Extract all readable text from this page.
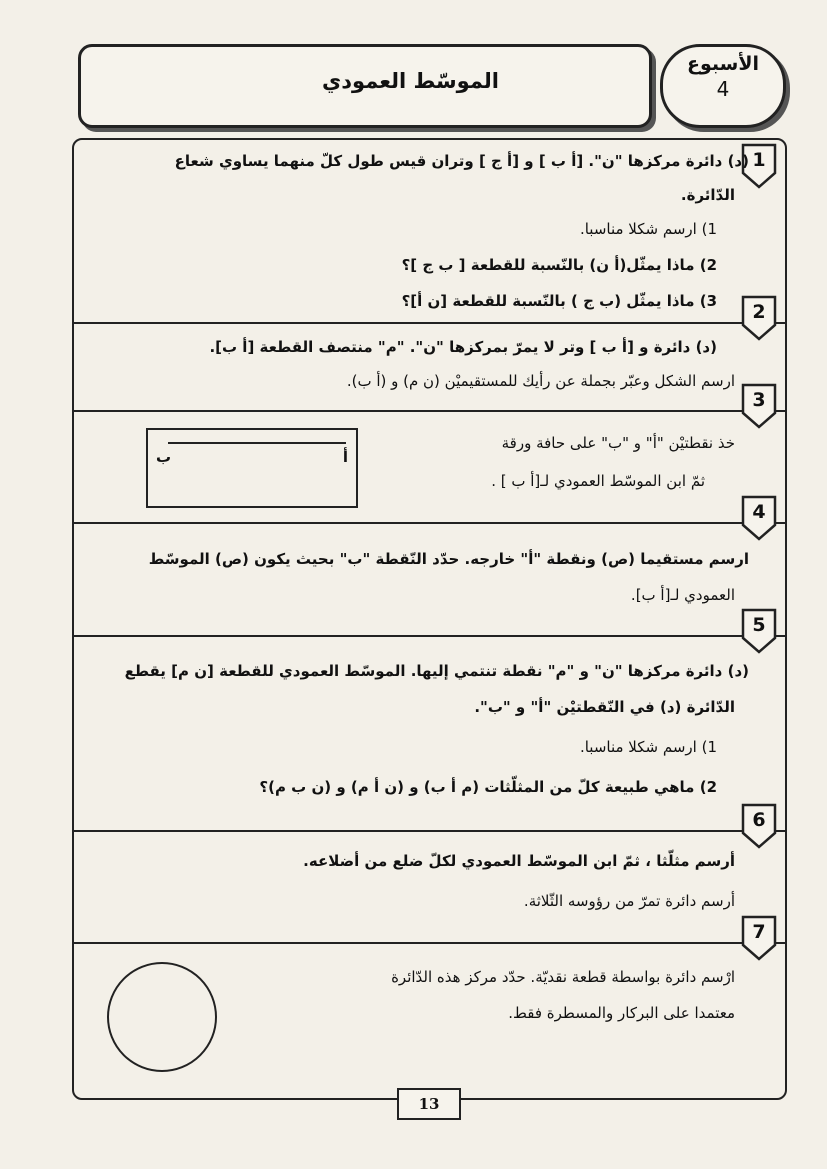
الموسّط العمودي
الأسبوع
4
1
2
3
4
5
6
7
(د) دائرة مركزها "ن". [أ ب ] و [أ ج ] وتران قيس طول كلّ منهما يساوي شعاع
الدّائرة.
1) ارسم شكلا مناسبا.
2) ماذا يمثّل(أ ن) بالنّسبة للقطعة [ ب ج ]؟
3) ماذا يمثّل (ب ج ) بالنّسبة للقطعة [ن أ]؟
(د) دائرة و [أ ب ] وتر لا يمرّ بمركزها "ن". "م" منتصف القطعة [أ ب].
ارسم الشكل وعبّر بجملة عن رأيك للمستقيميْن (ن م) و (أ ب).
خذ نقطتيْن "أ" و "ب" على حافة ورقة
ثمّ ابن الموسّط العمودي لـ[أ ب ] .
ب	أ
ارسم مستقيما (ص) ونقطة "أ" خارجه. حدّد النّقطة "ب" بحيث يكون (ص) الموسّط
العمودي لـ[أ ب].
(د) دائرة مركزها "ن" و "م" نقطة تنتمي إليها. الموسّط العمودي للقطعة [ن م] يقطع
الدّائرة (د) في النّقطتيْن "أ" و "ب".
1) ارسم شكلا مناسبا.
2) ماهي طبيعة كلّ من المثلّثات (م أ ب) و (ن أ م) و (ن ب م)؟
أرسم مثلّثا ، ثمّ ابن الموسّط العمودي لكلّ ضلع من أضلاعه.
أرسم دائرة تمرّ من رؤوسه الثّلاثة.
ارْسم دائرة بواسطة قطعة نقديّة. حدّد مركز هذه الدّائرة
معتمدا على البركار والمسطرة فقط.
13
